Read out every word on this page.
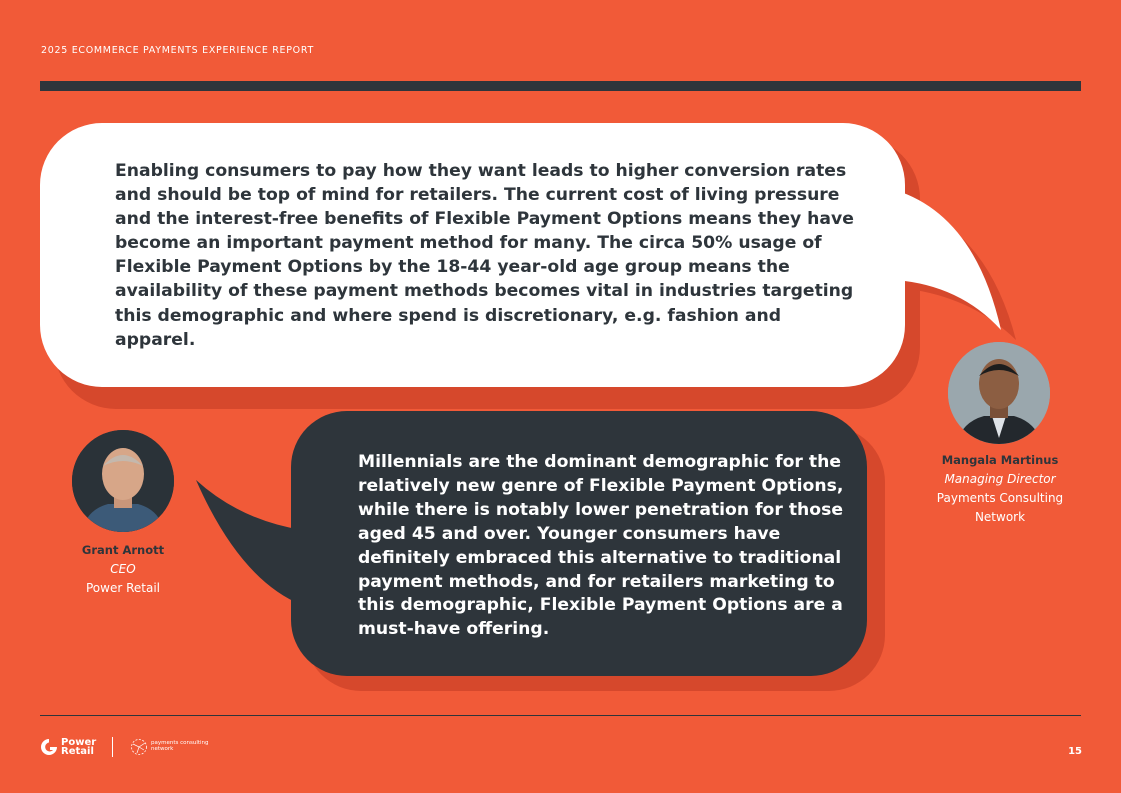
2025 ECOMMERCE PAYMENTS EXPERIENCE REPORT

Enabling consumers to pay how they want leads to higher conversion rates and should be top of mind for retailers. The current cost of living pressure and the interest-free benefits of Flexible Payment Options means they have become an important payment method for many. The circa 50% usage of Flexible Payment Options by the 18-44 year-old age group means the availability of these payment methods becomes vital in industries targeting this demographic and where spend is discretionary, e.g. fashion and apparel.

Millennials are the dominant demographic for the relatively new genre of Flexible Payment Options, while there is notably lower penetration for those aged 45 and over. Younger consumers have definitely embraced this alternative to traditional payment methods, and for retailers marketing to this demographic, Flexible Payment Options are a must-have offering.

Grant Arnott
CEO
Power Retail
Mangala Martinus
Managing Director
Payments Consulting Network
Power Retail
payments consulting network	15
